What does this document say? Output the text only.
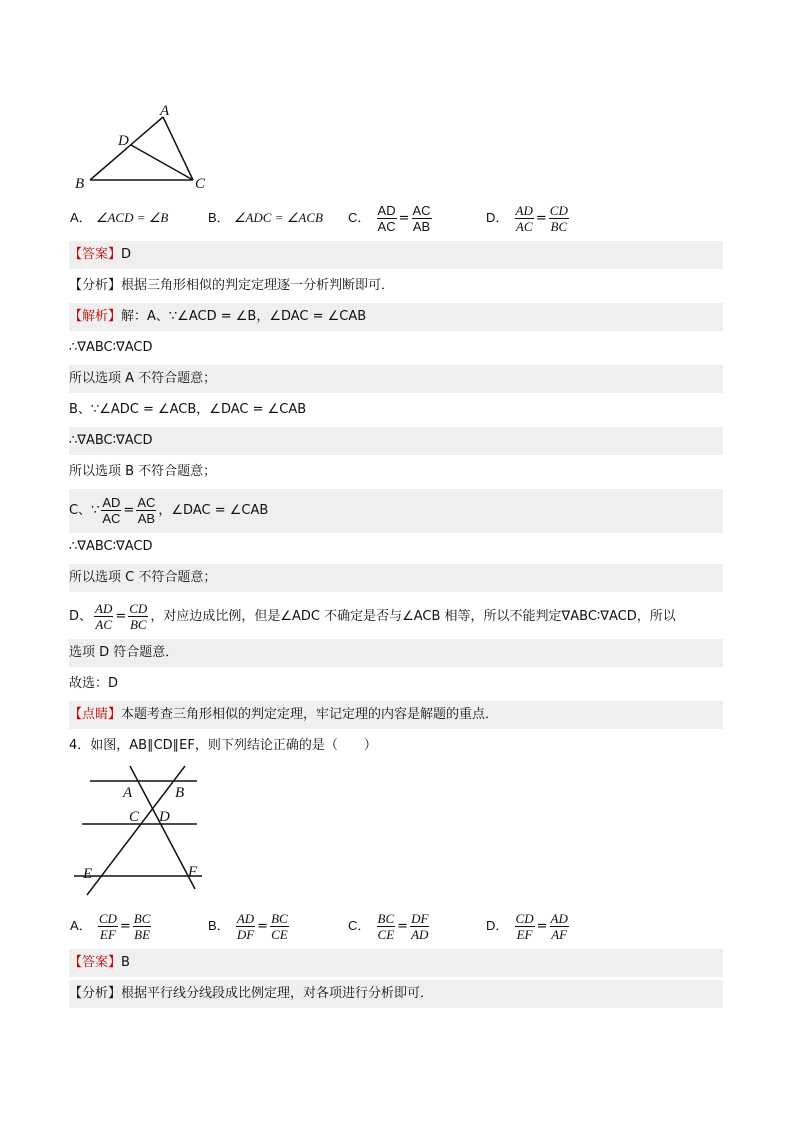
A
D
B	C
A． ∠ACD = ∠B	B． ∠ADC = ∠ACB C． $\frac{AD}{AC} = \frac{AC}{AB}$	D． $\frac{AD}{AC} = \frac{CD}{BC}$
【答案】D
【分析】根据三角形相似的判定定理逐一分析判断即可．
【解析】解：A、∵∠ACD = ∠B，∠DAC = ∠CAB
∴∇ABC∶∇ACD
所以选项 A 不符合题意；
B、∵∠ADC = ∠ACB，∠DAC = ∠CAB
∴∇ABC∶∇ACD
所以选项 B 不符合题意；
C、∵ $\frac{AD}{AC} = \frac{AC}{AB}$ ，∠DAC = ∠CAB
∴∇ABC∶∇ACD
所以选项 C 不符合题意；
D、 $\frac{AD}{AC} = \frac{CD}{BC}$ ，对应边成比例，但是∠ADC 不确定是否与∠ACB 相等，所以不能判定∇ABC∶∇ACD，所以
选项 D 符合题意．
故选：D
【点睛】本题考查三角形相似的判定定理，牢记定理的内容是解题的重点．
4．如图，AB∥CD∥EF，则下列结论正确的是（　　）
A	B
C D
E	F
A． $\frac{CD}{EF} = \frac{BC}{BE}$	B． $\frac{AD}{DF} = \frac{BC}{CE}$	C． $\frac{BC}{CE} = \frac{DF}{AD}$	D． $\frac{CD}{EF} = \frac{AD}{AF}$
【答案】B
【分析】根据平行线分线段成比例定理，对各项进行分析即可．
